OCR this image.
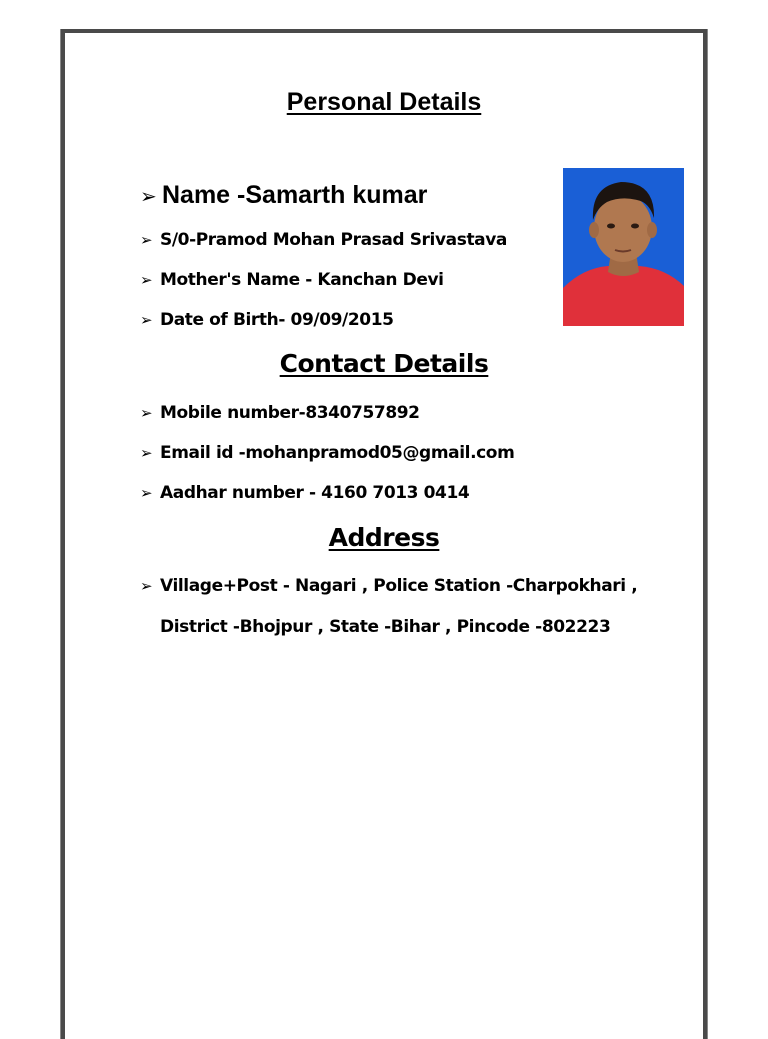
Personal Details
➢ Name -Samarth kumar
➢ S/0-Pramod Mohan Prasad Srivastava
➢ Mother's Name - Kanchan Devi
➢ Date of Birth- 09/09/2015
Contact Details
➢ Mobile number-8340757892
➢ Email id -mohanpramod05@gmail.com
➢ Aadhar number - 4160 7013 0414
Address
➢ Village+Post - Nagari , Police Station -Charpokhari ,
District -Bhojpur , State -Bihar , Pincode -802223
